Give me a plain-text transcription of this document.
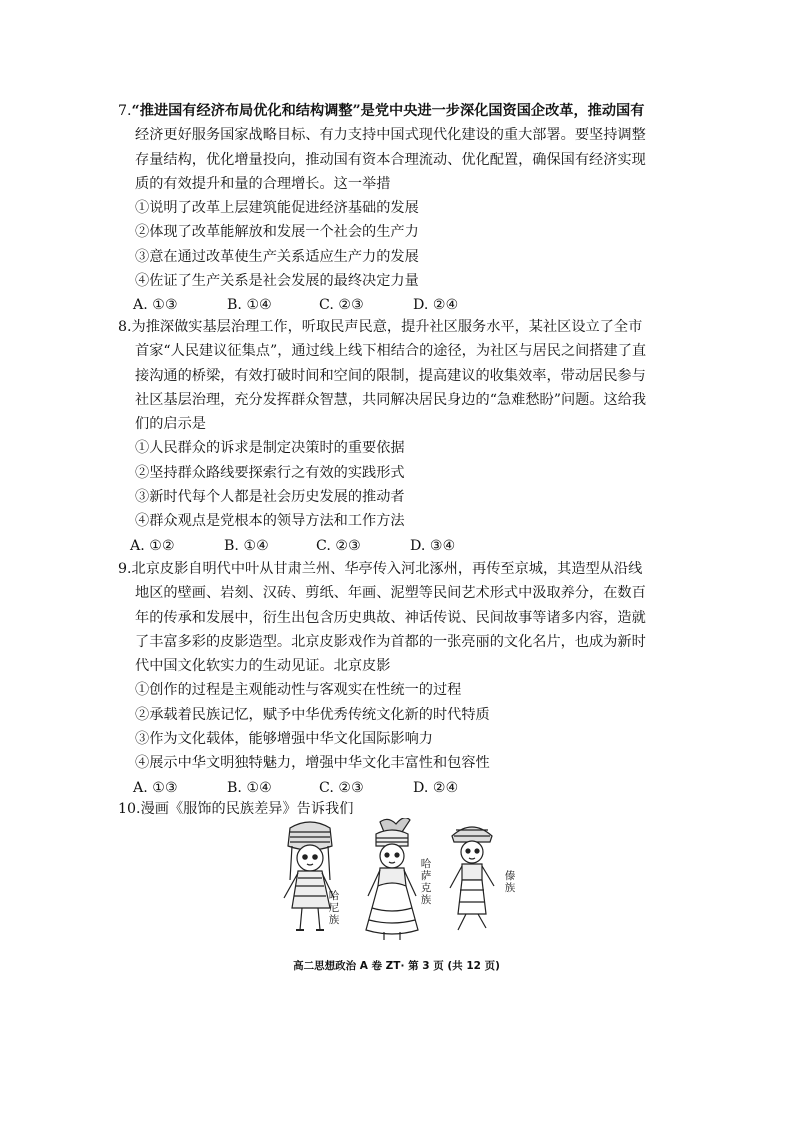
7.“推进国有经济布局优化和结构调整”是党中央进一步深化国资国企改革，推动国有
经济更好服务国家战略目标、有力支持中国式现代化建设的重大部署。要坚持调整
存量结构，优化增量投向，推动国有资本合理流动、优化配置，确保国有经济实现
质的有效提升和量的合理增长。这一举措

①说明了改革上层建筑能促进经济基础的发展

②体现了改革能解放和发展一个社会的生产力

③意在通过改革使生产关系适应生产力的发展

④佐证了生产关系是社会发展的最终决定力量

A. ①③	B. ①④	C. ②③	D. ②④

8.为推深做实基层治理工作，听取民声民意，提升社区服务水平，某社区设立了全市
首家“人民建议征集点”，通过线上线下相结合的途径，为社区与居民之间搭建了直
接沟通的桥梁，有效打破时间和空间的限制，提高建议的收集效率，带动居民参与
社区基层治理，充分发挥群众智慧，共同解决居民身边的“急难愁盼”问题。这给我
们的启示是

①人民群众的诉求是制定决策时的重要依据

②坚持群众路线要探索行之有效的实践形式

③新时代每个人都是社会历史发展的推动者

④群众观点是党根本的领导方法和工作方法

A. ①②	B. ①④	C. ②③	D. ③④

9.北京皮影自明代中叶从甘肃兰州、华亭传入河北涿州，再传至京城，其造型从沿线
地区的壁画、岩刻、汉砖、剪纸、年画、泥塑等民间艺术形式中汲取养分，在数百
年的传承和发展中，衍生出包含历史典故、神话传说、民间故事等诸多内容，造就
了丰富多彩的皮影造型。北京皮影戏作为首都的一张亮丽的文化名片，也成为新时
代中国文化软实力的生动见证。北京皮影

①创作的过程是主观能动性与客观实在性统一的过程

②承载着民族记忆，赋予中华优秀传统文化新的时代特质

③作为文化载体，能够增强中华文化国际影响力

④展示中华文明独特魅力，增强中华文化丰富性和包容性

A. ①③	B. ①④	C. ②③	D. ②④

10.漫画《服饰的民族差异》告诉我们

哈尼族
哈萨克族
傣族
高二思想政治 A 卷 ZT· 第 3 页 (共 12 页)
